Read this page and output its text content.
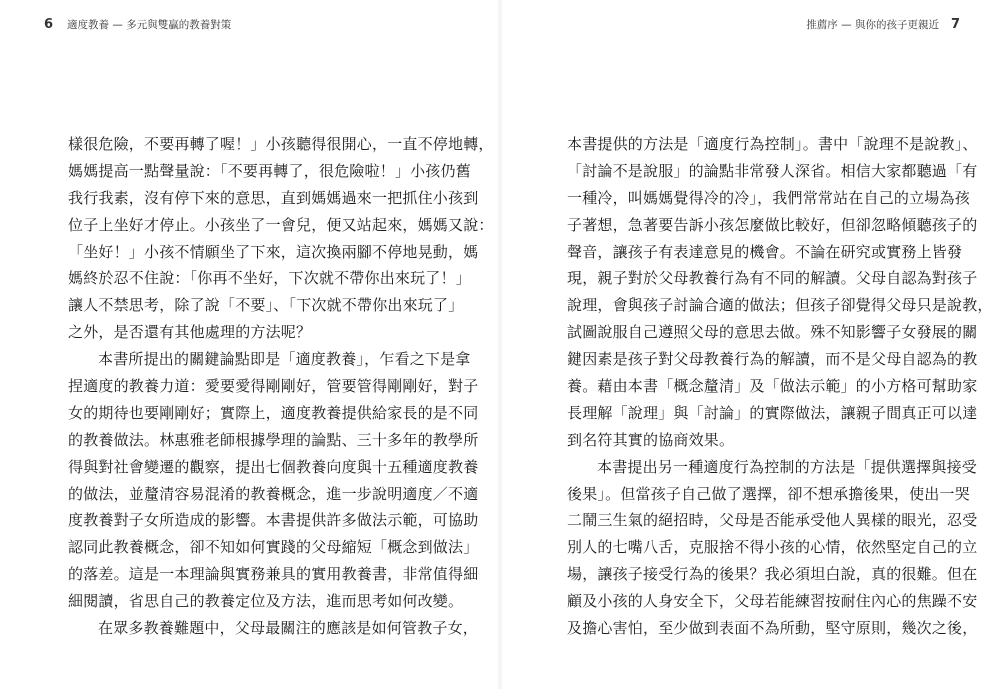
6 適度教養 — 多元與雙贏的教養對策
樣很危險，不要再轉了喔！」小孩聽得很開心，一直不停地轉，
媽媽提高一點聲量說：「不要再轉了，很危險啦！」小孩仍舊
我行我素，沒有停下來的意思，直到媽媽過來一把抓住小孩到
位子上坐好才停止。小孩坐了一會兒，便又站起來，媽媽又說：
「坐好！」小孩不情願坐了下來，這次換兩腳不停地晃動，媽
媽終於忍不住說：「你再不坐好，下次就不帶你出來玩了！」
讓人不禁思考，除了說「不要」、「下次就不帶你出來玩了」
之外，是否還有其他處理的方法呢？
本書所提出的關鍵論點即是「適度教養」，乍看之下是拿
捏適度的教養力道：愛要愛得剛剛好，管要管得剛剛好，對子
女的期待也要剛剛好；實際上，適度教養提供給家長的是不同
的教養做法。林惠雅老師根據學理的論點、三十多年的教學所
得與對社會變遷的觀察，提出七個教養向度與十五種適度教養
的做法，並釐清容易混淆的教養概念，進一步說明適度／不適
度教養對子女所造成的影響。本書提供許多做法示範，可協助
認同此教養概念，卻不知如何實踐的父母縮短「概念到做法」
的落差。這是一本理論與實務兼具的實用教養書，非常值得細
細閱讀，省思自己的教養定位及方法，進而思考如何改變。
在眾多教養難題中，父母最關注的應該是如何管教子女，
推薦序 — 與你的孩子更親近 7
本書提供的方法是「適度行為控制」。書中「說理不是說教」、
「討論不是說服」的論點非常發人深省。相信大家都聽過「有
一種冷，叫媽媽覺得冷的冷」，我們常常站在自己的立場為孩
子著想，急著要告訴小孩怎麼做比較好，但卻忽略傾聽孩子的
聲音，讓孩子有表達意見的機會。不論在研究或實務上皆發
現，親子對於父母教養行為有不同的解讀。父母自認為對孩子
說理，會與孩子討論合適的做法；但孩子卻覺得父母只是說教，
試圖說服自己遵照父母的意思去做。殊不知影響子女發展的關
鍵因素是孩子對父母教養行為的解讀，而不是父母自認為的教
養。藉由本書「概念釐清」及「做法示範」的小方格可幫助家
長理解「說理」與「討論」的實際做法，讓親子間真正可以達
到名符其實的協商效果。
本書提出另一種適度行為控制的方法是「提供選擇與接受
後果」。但當孩子自己做了選擇，卻不想承擔後果，使出一哭
二鬧三生氣的絕招時，父母是否能承受他人異樣的眼光，忍受
別人的七嘴八舌，克服捨不得小孩的心情，依然堅定自己的立
場，讓孩子接受行為的後果？我必須坦白說，真的很難。但在
顧及小孩的人身安全下，父母若能練習按耐住內心的焦躁不安
及擔心害怕，至少做到表面不為所動，堅守原則，幾次之後，
